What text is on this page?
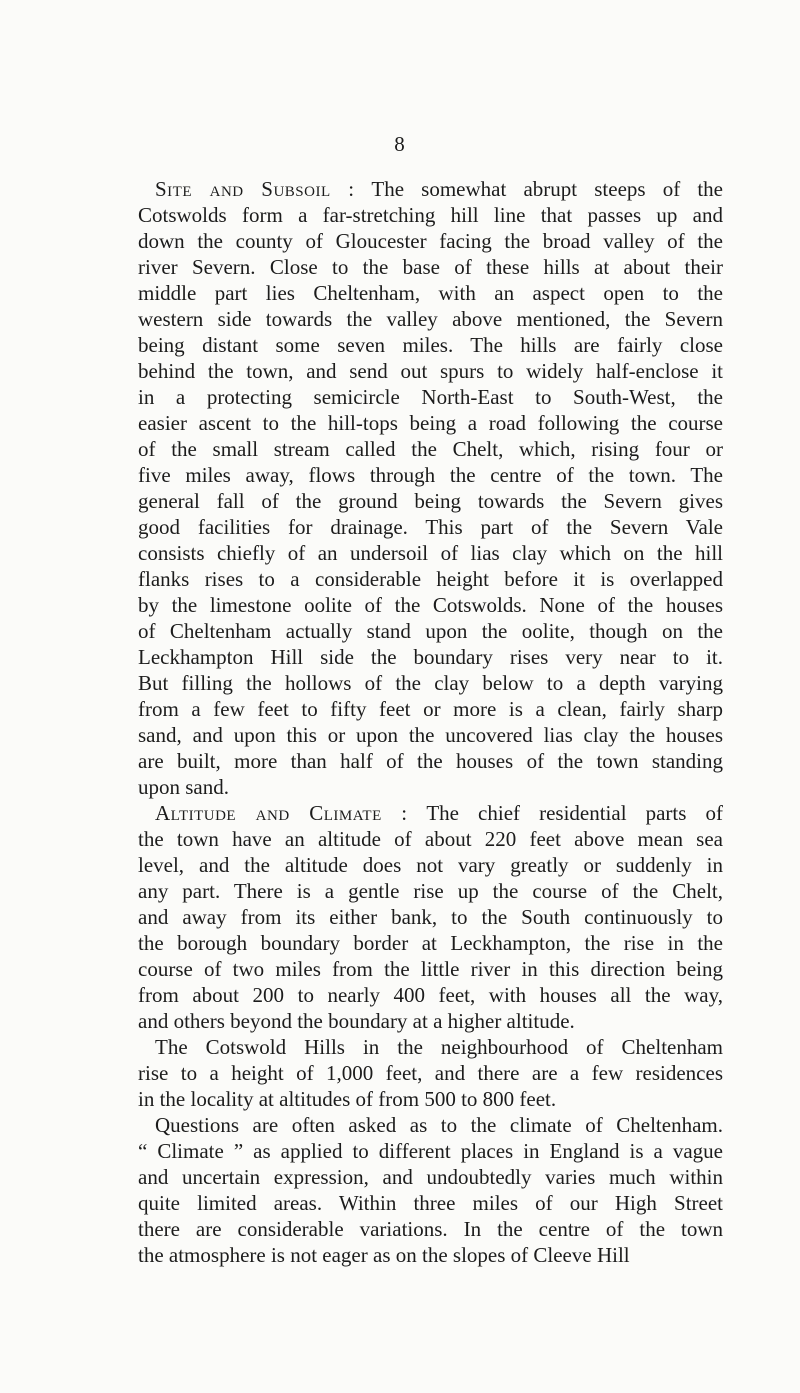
8
Site and Subsoil : The somewhat abrupt steeps of the
Cotswolds form a far-stretching hill line that passes up and
down the county of Gloucester facing the broad valley of the
river Severn. Close to the base of these hills at about their
middle part lies Cheltenham, with an aspect open to the
western side towards the valley above mentioned, the Severn
being distant some seven miles. The hills are fairly close
behind the town, and send out spurs to widely half-enclose it
in a protecting semicircle North-East to South-West, the
easier ascent to the hill-tops being a road following the course
of the small stream called the Chelt, which, rising four or
five miles away, flows through the centre of the town. The
general fall of the ground being towards the Severn gives
good facilities for drainage. This part of the Severn Vale
consists chiefly of an undersoil of lias clay which on the hill
flanks rises to a considerable height before it is overlapped
by the limestone oolite of the Cotswolds. None of the houses
of Cheltenham actually stand upon the oolite, though on the
Leckhampton Hill side the boundary rises very near to it.
But filling the hollows of the clay below to a depth varying
from a few feet to fifty feet or more is a clean, fairly sharp
sand, and upon this or upon the uncovered lias clay the houses
are built, more than half of the houses of the town standing
upon sand.
Altitude and Climate : The chief residential parts of
the town have an altitude of about 220 feet above mean sea
level, and the altitude does not vary greatly or suddenly in
any part. There is a gentle rise up the course of the Chelt,
and away from its either bank, to the South continuously to
the borough boundary border at Leckhampton, the rise in the
course of two miles from the little river in this direction being
from about 200 to nearly 400 feet, with houses all the way,
and others beyond the boundary at a higher altitude.
The Cotswold Hills in the neighbourhood of Cheltenham
rise to a height of 1,000 feet, and there are a few residences
in the locality at altitudes of from 500 to 800 feet.
Questions are often asked as to the climate of Cheltenham.
“ Climate ” as applied to different places in England is a vague
and uncertain expression, and undoubtedly varies much within
quite limited areas. Within three miles of our High Street
there are considerable variations. In the centre of the town
the atmosphere is not eager as on the slopes of Cleeve Hill
